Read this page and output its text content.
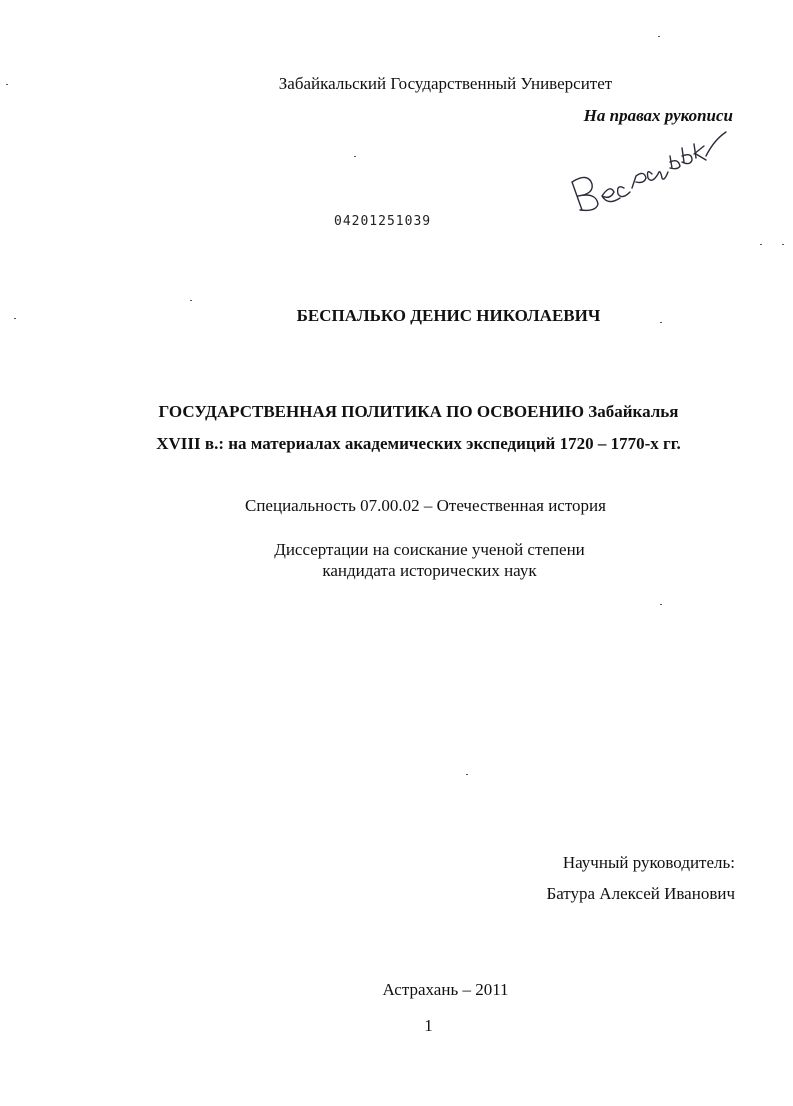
Забайкальский Государственный Университет
На правах рукописи
04201251039
БЕСПАЛЬКО ДЕНИС НИКОЛАЕВИЧ
ГОСУДАРСТВЕННАЯ ПОЛИТИКА ПО ОСВОЕНИЮ Забайкалья
XVIII в.: на материалах академических экспедиций 1720 – 1770-х гг.
Специальность 07.00.02 – Отечественная история
Диссертации на соискание ученой степени
кандидата исторических наук
Научный руководитель:
Батура Алексей Иванович
Астрахань – 2011
1
